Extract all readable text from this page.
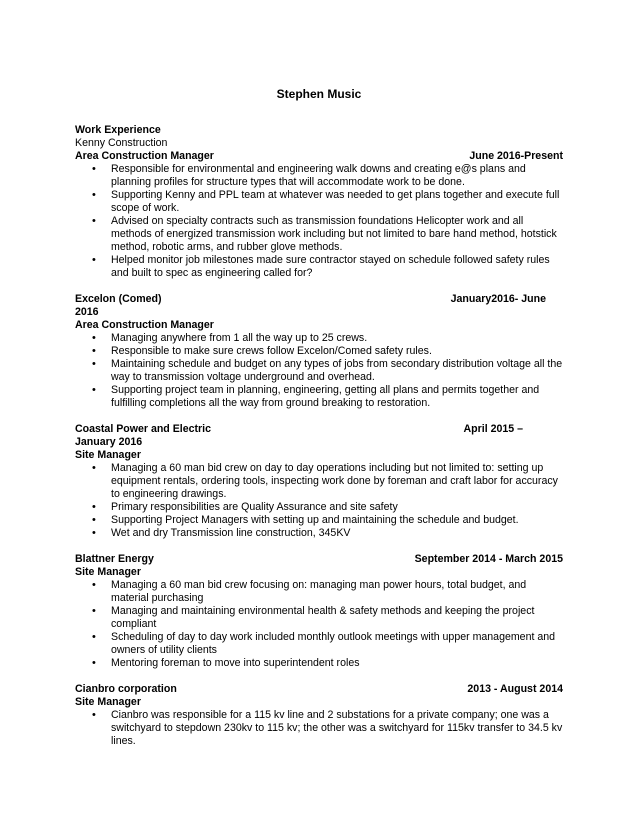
Stephen Music
Work Experience
Kenny Construction
Area Construction Manager	June 2016-Present
• Responsible for environmental and engineering walk downs and creating e@s plans and planning profiles for structure types that will accommodate work to be done.
• Supporting Kenny and PPL team at whatever was needed to get plans together and execute full scope of work.
• Advised on specialty contracts such as transmission foundations Helicopter work and all methods of energized transmission work including but not limited to bare hand method, hotstick method, robotic arms, and rubber glove methods.
• Helped monitor job milestones made sure contractor stayed on schedule followed safety rules and built to spec as engineering called for?
Excelon (Comed)	January2016- June
2016
Area Construction Manager
• Managing anywhere from 1 all the way up to 25 crews.
• Responsible to make sure crews follow Excelon/Comed safety rules.
• Maintaining schedule and budget on any types of jobs from secondary distribution voltage all the way to transmission voltage underground and overhead.
• Supporting project team in planning, engineering, getting all plans and permits together and fulfilling completions all the way from ground breaking to restoration.
Coastal Power and Electric	April 2015 –
January 2016
Site Manager
• Managing a 60 man bid crew on day to day operations including but not limited to: setting up equipment rentals, ordering tools, inspecting work done by foreman and craft labor for accuracy to engineering drawings.
• Primary responsibilities are Quality Assurance and site safety
• Supporting Project Managers with setting up and maintaining the schedule and budget.
• Wet and dry Transmission line construction, 345KV
Blattner Energy	September 2014 - March 2015
Site Manager
• Managing a 60 man bid crew focusing on: managing man power hours, total budget, and material purchasing
• Managing and maintaining environmental health & safety methods and keeping the project compliant
• Scheduling of day to day work included monthly outlook meetings with upper management and owners of utility clients
• Mentoring foreman to move into superintendent roles
Cianbro corporation	2013 - August 2014
Site Manager
• Cianbro was responsible for a 115 kv line and 2 substations for a private company; one was a switchyard to stepdown 230kv to 115 kv; the other was a switchyard for 115kv transfer to 34.5 kv lines.
